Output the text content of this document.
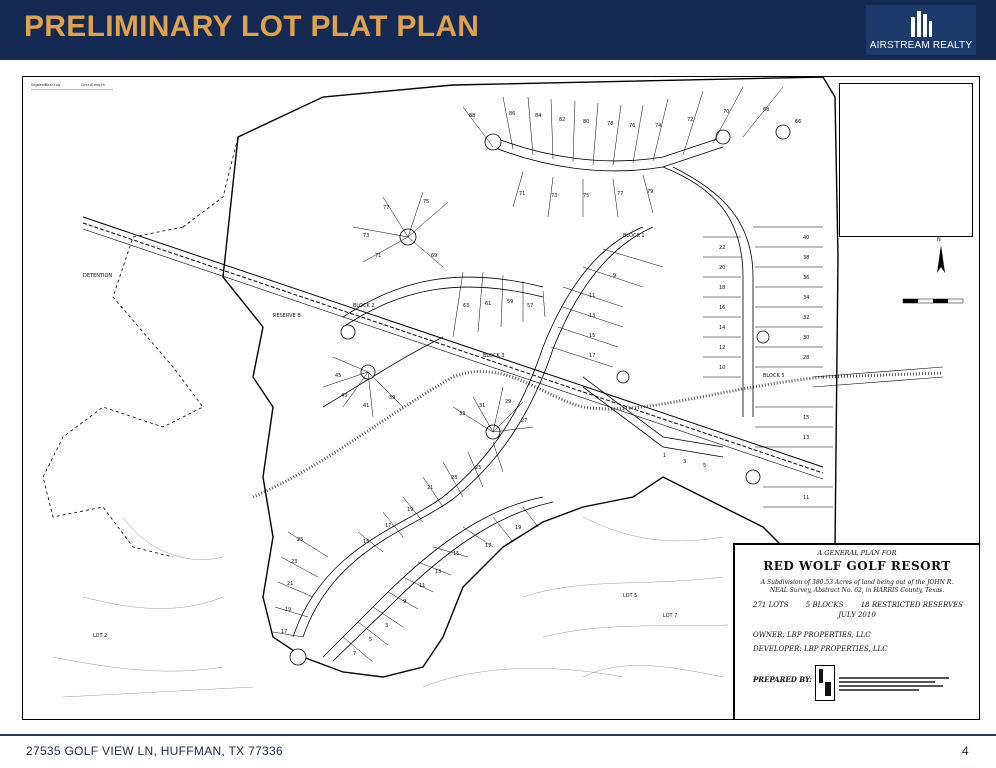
PRELIMINARY LOT PLAT PLAN
AIRSTREAM REALTY
88	86	84
82	80	78	76	74
72
70	68
66
71	73	75	77	79
40
38
36
34
32
30
28
15
13
11
22
20
18
16
14
12
10
77
75
73
71	69
63	61	59
57
13
15
17
11
9
33
31
29
27
45
43
41
39
21
23
25
19
17
15
3
5
7
9
11
13
15
17
19
21
23
25
19
17
1
3
5
BLOCK 5
BLOCK 3
BLOCK 1
BLOCK 2
DETENTION
RESERVE B
LOT 5
LOT 7
LOT 2
N
Segment
Bearing	Chordlength
A GENERAL PLAN FOR
RED WOLF GOLF RESORT
A Subdivision of 380.53 Acres of land being out of the JOHN R. NEAL Survey, Abstract No. 62, in HARRIS County, Texas.
271 LOTS 5 BLOCKS 18 RESTRICTED RESERVES
JULY 2010
OWNER: LBP PROPERTIES, LLC
DEVELOPER: LBP PROPERTIES, LLC
PREPARED BY:
27535 GOLF VIEW LN, HUFFMAN, TX 77336	4
